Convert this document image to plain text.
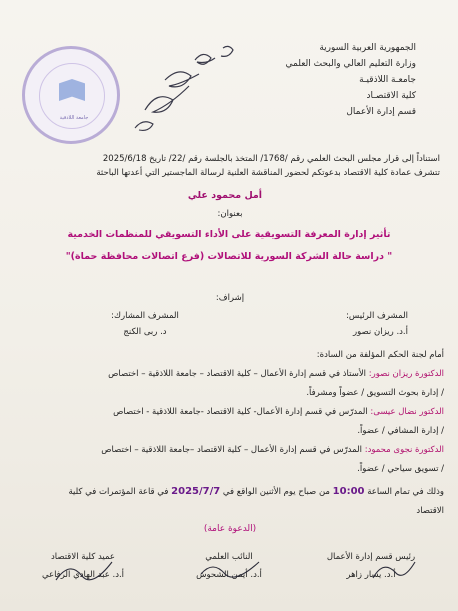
الجمهورية العربية السورية
وزارة التعليم العالي والبحث العلمي
جامعـة اللاذقيـة
كلية الاقتصـاد
قسم إدارة الأعمال
جامعة اللاذقية
استناداً إلى قرار مجلس البحث العلمي رقم /1768/ المتخذ بالجلسة رقم /22/ تاريخ 2025/6/18
تتشرف عمادة كلية الاقتصاد بدعوتكم لحضور المناقشة العلنية لرسالة الماجستير التي أعدتها الباحثة
أمل محمود علي
بعنوان:
تأثير إدارة المعرفة التسويقية على الأداء التسويقي للمنظمات الخدمية
" دراسة حالة الشركة السورية للاتصالات (فرع اتصالات محافظة حماة)"
إشراف:
المشرف الرئيس:
أ.د. ريزان نصور
المشرف المشارك:
د. ربى الكنج
أمام لجنة الحكم المؤلفة من السادة:
الدكتورة ريزان نصور: الأستاذ في قسم إدارة الأعمال – كلية الاقتصاد – جامعة اللاذقية – اختصاص
/ إدارة بحوث التسويق / عضواً ومشرفاً.
الدكتور نضال عيسى: المدرّس في قسم إدارة الأعمال- كلية الاقتصاد -جامعة اللاذقية - اختصاص
/ إدارة المشافي / عضواً.
الدكتورة نجوى محمود: المدرّس في قسم إدارة الأعمال – كلية الاقتصاد –جامعة اللاذقية – اختصاص
/ تسويق سياحي / عضواً.
وذلك في تمام الساعة 10:00 من صباح يوم الأثنين الواقع في 2025/7/7 في قاعة المؤتمرات في كلية
الاقتصاد
(الدعوة عامة)
رئيس قسم إدارة الأعمال
أ.د. يسار زاهر
النائب العلمي
أ.د. أيمن الشحوش
عميد كلية الاقتصاد
أ.د. عبد الهادي الرفاعي
